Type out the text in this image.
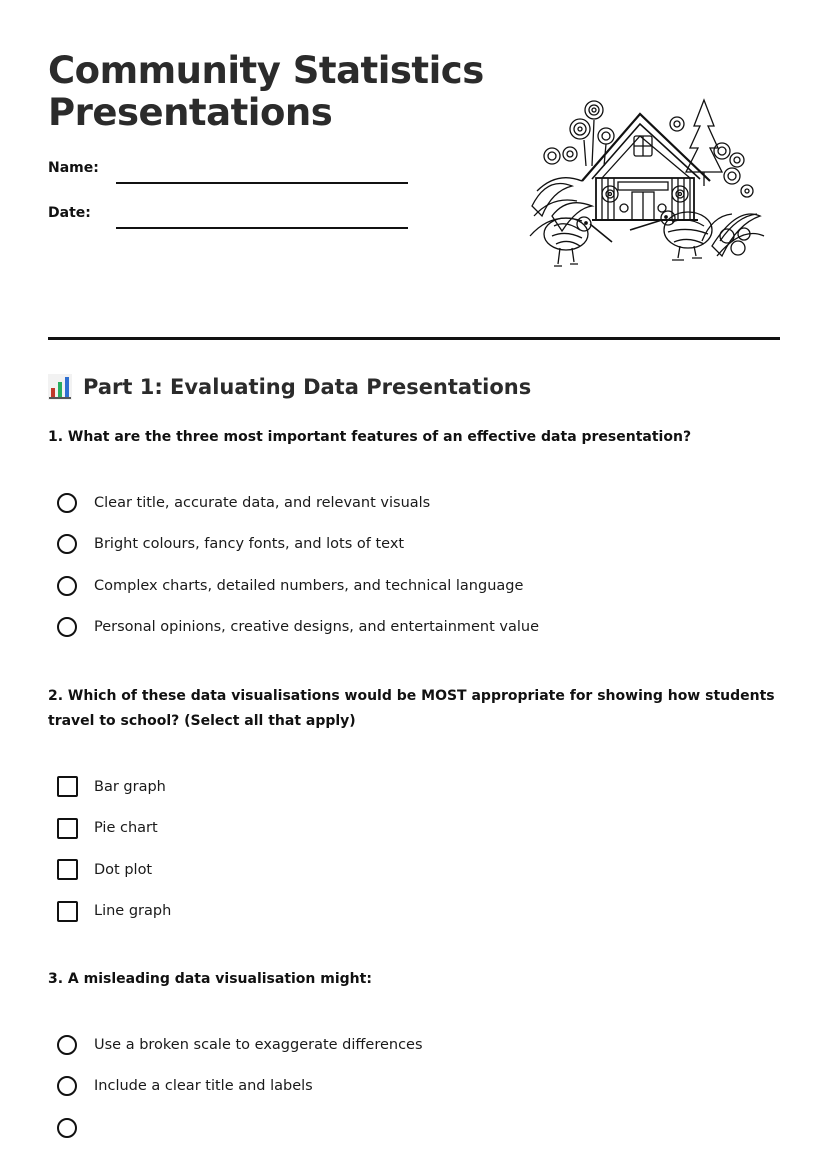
Community Statistics
Presentations
Name:
Date:
Part 1: Evaluating Data Presentations

1. What are the three most important features of an effective data presentation?

Clear title, accurate data, and relevant visuals
Bright colours, fancy fonts, and lots of text
Complex charts, detailed numbers, and technical language
Personal opinions, creative designs, and entertainment value

2. Which of these data visualisations would be MOST appropriate for showing how students travel to school? (Select all that apply)

Bar graph
Pie chart
Dot plot
Line graph

3. A misleading data visualisation might:

Use a broken scale to exaggerate differences
Include a clear title and labels
